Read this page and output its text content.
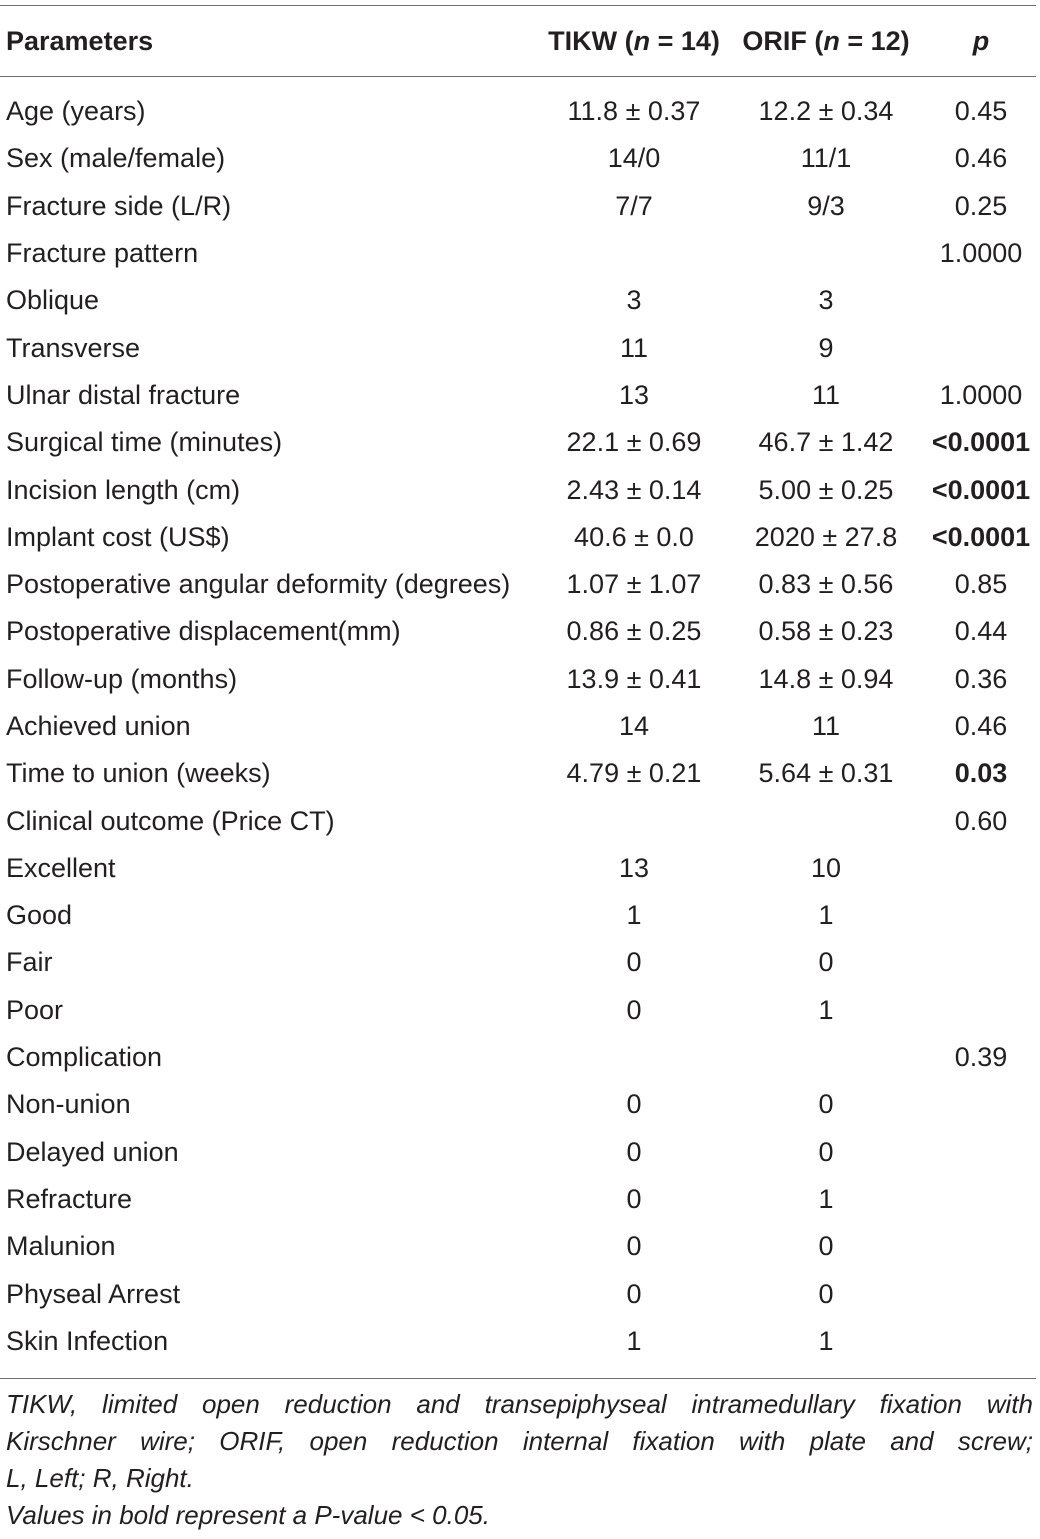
Parameters	TIKW (n = 14)	ORIF (n = 12)	p
Age (years)	11.8 ± 0.37	12.2 ± 0.34	0.45
Sex (male/female)	14/0	11/1	0.46
Fracture side (L/R)	7/7	9/3	0.25
Fracture pattern			1.0000
Oblique	3	3	
Transverse	11	9	
Ulnar distal fracture	13	11	1.0000
Surgical time (minutes)	22.1 ± 0.69	46.7 ± 1.42	<0.0001
Incision length (cm)	2.43 ± 0.14	5.00 ± 0.25	<0.0001
Implant cost (US$)	40.6 ± 0.0	2020 ± 27.8	<0.0001
Postoperative angular deformity (degrees)	1.07 ± 1.07	0.83 ± 0.56	0.85
Postoperative displacement(mm)	0.86 ± 0.25	0.58 ± 0.23	0.44
Follow-up (months)	13.9 ± 0.41	14.8 ± 0.94	0.36
Achieved union	14	11	0.46
Time to union (weeks)	4.79 ± 0.21	5.64 ± 0.31	0.03
Clinical outcome (Price CT)			0.60
Excellent	13	10	
Good	1	1	
Fair	0	0	
Poor	0	1	
Complication			0.39
Non-union	0	0	
Delayed union	0	0	
Refracture	0	1	
Malunion	0	0	
Physeal Arrest	0	0	
Skin Infection	1	1	
TIKW, limited open reduction and transepiphyseal intramedullary fixation with
Kirschner wire; ORIF, open reduction internal fixation with plate and screw;
L, Left; R, Right.
Values in bold represent a P-value < 0.05.
